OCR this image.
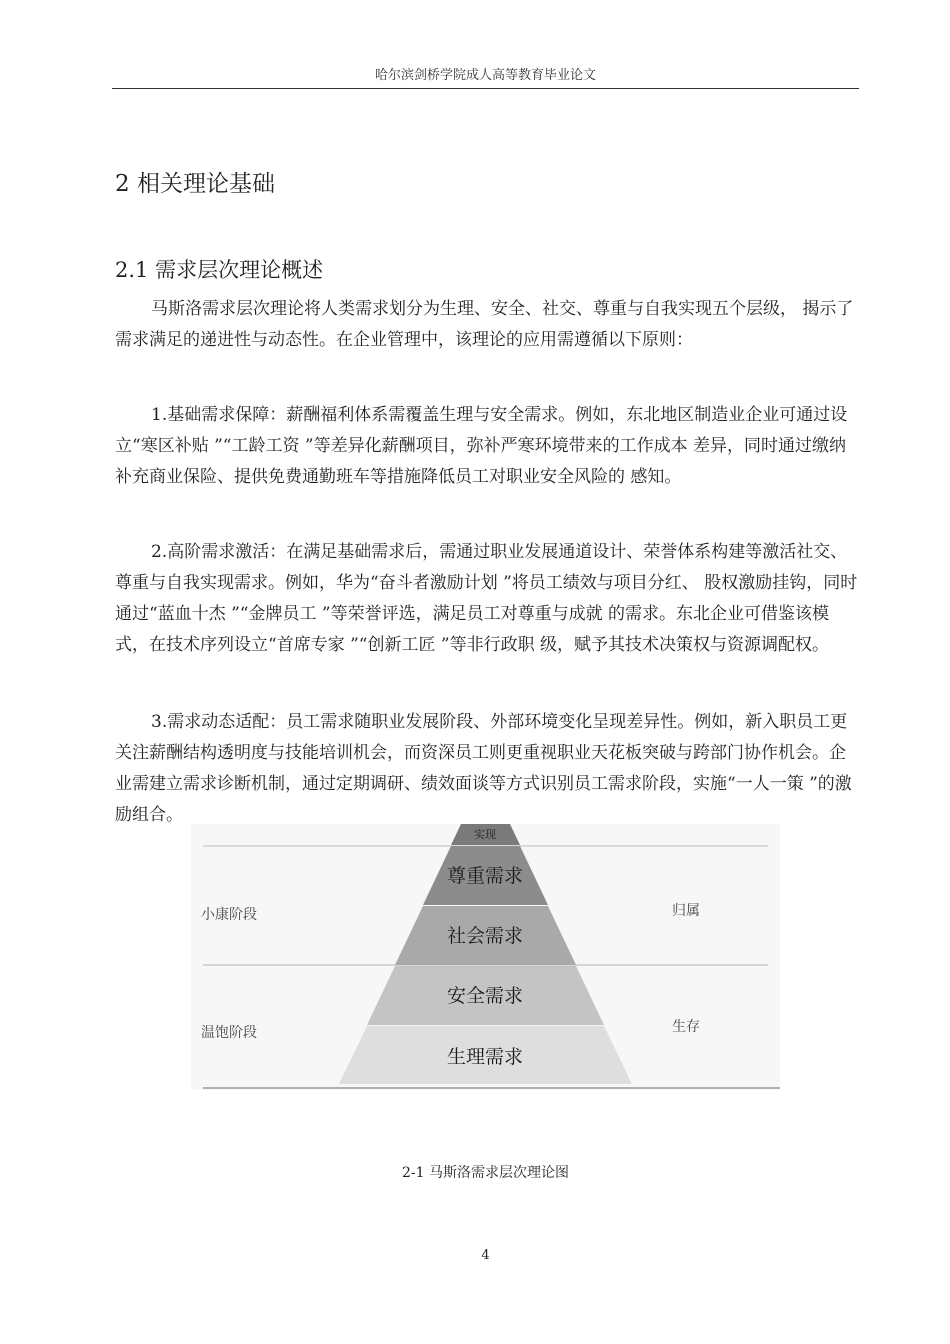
哈尔滨剑桥学院成人高等教育毕业论文
2 相关理论基础
2.1 需求层次理论概述

马斯洛需求层次理论将人类需求划分为生理、安全、社交、尊重与自我实现五个层级， 揭示了需求满足的递进性与动态性。在企业管理中，该理论的应用需遵循以下原则：

1.基础需求保障：薪酬福利体系需覆盖生理与安全需求。例如，东北地区制造业企业可通过设立“寒区补贴 ”“工龄工资 ”等差异化薪酬项目，弥补严寒环境带来的工作成本 差异，同时通过缴纳补充商业保险、提供免费通勤班车等措施降低员工对职业安全风险的 感知。

2.高阶需求激活：在满足基础需求后，需通过职业发展通道设计、荣誉体系构建等激活社交、尊重与自我实现需求。例如，华为“奋斗者激励计划 ”将员工绩效与项目分红、 股权激励挂钩，同时通过“蓝血十杰 ”“金牌员工 ”等荣誉评选，满足员工对尊重与成就 的需求。东北企业可借鉴该模式，在技术序列设立“首席专家 ”“创新工匠 ”等非行政职 级，赋予其技术决策权与资源调配权。

3.需求动态适配：员工需求随职业发展阶段、外部环境变化呈现差异性。例如，新入职员工更关注薪酬结构透明度与技能培训机会，而资深员工则更重视职业天花板突破与跨部门协作机会。企业需建立需求诊断机制，通过定期调研、绩效面谈等方式识别员工需求阶段，实施“一人一策 ”的激励组合。

实现
尊重需求
社会需求
安全需求
生理需求
小康阶段
温饱阶段
归属
生存
2-1 马斯洛需求层次理论图
4
